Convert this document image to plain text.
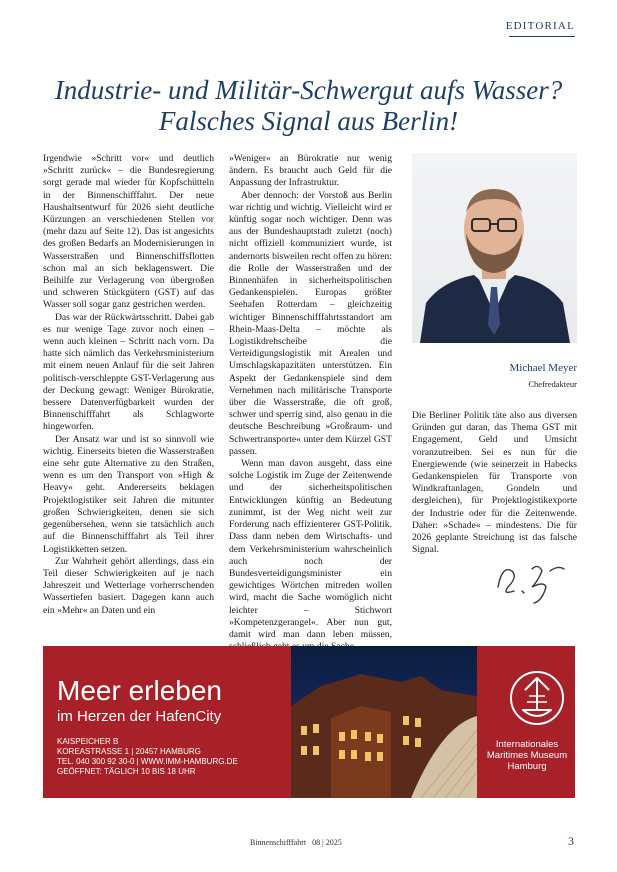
EDITORIAL
Industrie- und Militär-Schwergut aufs Wasser?
Falsches Signal aus Berlin!

Irgendwie »Schritt vor« und deutlich »Schritt zurück« – die Bundesregierung sorgt gerade mal wieder für Kopfschütteln in der Binnenschifffahrt. Der neue Haushaltsentwurf für 2026 sieht deutliche Kürzungen an verschiedenen Stellen vor (mehr dazu auf Seite 12). Das ist angesichts des großen Bedarfs an Modernisierungen in Wasserstraßen und Binnenschiffsflotten schon mal an sich beklagenswert. Die Beihilfe zur Verlagerung von übergroßen und schweren Stückgütern (GST) auf das Wasser soll sogar ganz gestrichen werden.

Das war der Rückwärtsschritt. Dabei gab es nur wenige Tage zuvor noch einen – wenn auch kleinen – Schritt nach vorn. Da hatte sich nämlich das Verkehrsministerium mit einem neuen Anlauf für die seit Jahren politisch-verschleppte GST-Verlagerung aus der Deckung gewagt: Weniger Bürokratie, bessere Datenverfügbarkeit wurden der Binnenschifffahrt als Schlagworte hingeworfen.

Der Ansatz war und ist so sinnvoll wie wichtig. Einerseits bieten die Wasserstraßen eine sehr gute Alternative zu den Straßen, wenn es um den Transport von »High & Heavy« geht. Andererseits beklagen Projektlogistiker seit Jahren die mitunter großen Schwierigkeiten, denen sie sich gegenübersehen, wenn sie tatsächlich auch auf die Binnenschifffahrt als Teil ihrer Logistikketten setzen.

Zur Wahrheit gehört allerdings, dass ein Teil dieser Schwierigkeiten auf je nach Jahreszeit und Wetterlage vorherrschenden Wassertiefen basiert. Dagegen kann auch ein »Mehr« an Daten und ein

»Weniger« an Bürokratie nur wenig ändern. Es braucht auch Geld für die Anpassung der Infrastruktur.

Aber dennoch: der Vorstoß aus Berlin war richtig und wichtig. Vielleicht wird er künftig sogar noch wichtiger. Denn was aus der Bundeshauptstadt zuletzt (noch) nicht offiziell kommuniziert wurde, ist andernorts bisweilen recht offen zu hören: die Rolle der Wasserstraßen und der Binnenhäfen in sicherheitspolitischen Gedankenspielen. Europas größter Seehafen Rotterdam – gleichzeitig wichtiger Binnenschifffahrtsstandort am Rhein-Maas-Delta – möchte als Logistikdrehscheibe die Verteidigungslogistik mit Arealen und Umschlagskapazitäten unterstützen. Ein Aspekt der Gedankenspiele sind dem Vernehmen nach militärische Transporte über die Wasserstraße, die oft groß, schwer und sperrig sind, also genau in die deutsche Beschreibung »Großraum- und Schwertransporte« unter dem Kürzel GST passen.

Wenn man davon ausgeht, dass eine solche Logistik im Zuge der Zeitenwende und der sicherheitspolitischen Entwicklungen künftig an Bedeutung zunimmt, ist der Weg nicht weit zur Forderung nach effizienterer GST-Politik. Dass dann neben dem Wirtschafts- und dem Verkehrsministerium wahrscheinlich auch noch der Bundesverteidigungsminister ein gewichtiges Wörtchen mitreden wollen wird, macht die Sache womöglich nicht leichter – Stichwort »Kompetenzgerangel«. Aber nun gut, damit wird man dann leben müssen,

Michael Meyer
Chefredakteur

Die Berliner Politik täte also aus diversen Gründen gut daran, das Thema GST mit Engagement, Geld und Umsicht voranzutreiben. Sei es nun für die Energiewende (wie seinerzeit in Habecks Gedankenspielen für Transporte von Windkraftanlagen, Gondeln und dergleichen), für Projektlogistikexporte der Industrie oder für die Zeitenwende. Daher: »Schade« – mindestens. Die für 2026 geplante Streichung ist das falsche Signal.

Meer erleben
im Herzen der HafenCity
KAISPEICHER B
KOREASTRASSE 1 | 20457 HAMBURG
TEL. 040 300 92 30-0 | WWW.IMM-HAMBURG.DE
GEÖFFNET: TÄGLICH 10 BIS 18 UHR
Internationales
Maritimes Museum
Hamburg
Binnenschifffahrt   08 | 2025	3
